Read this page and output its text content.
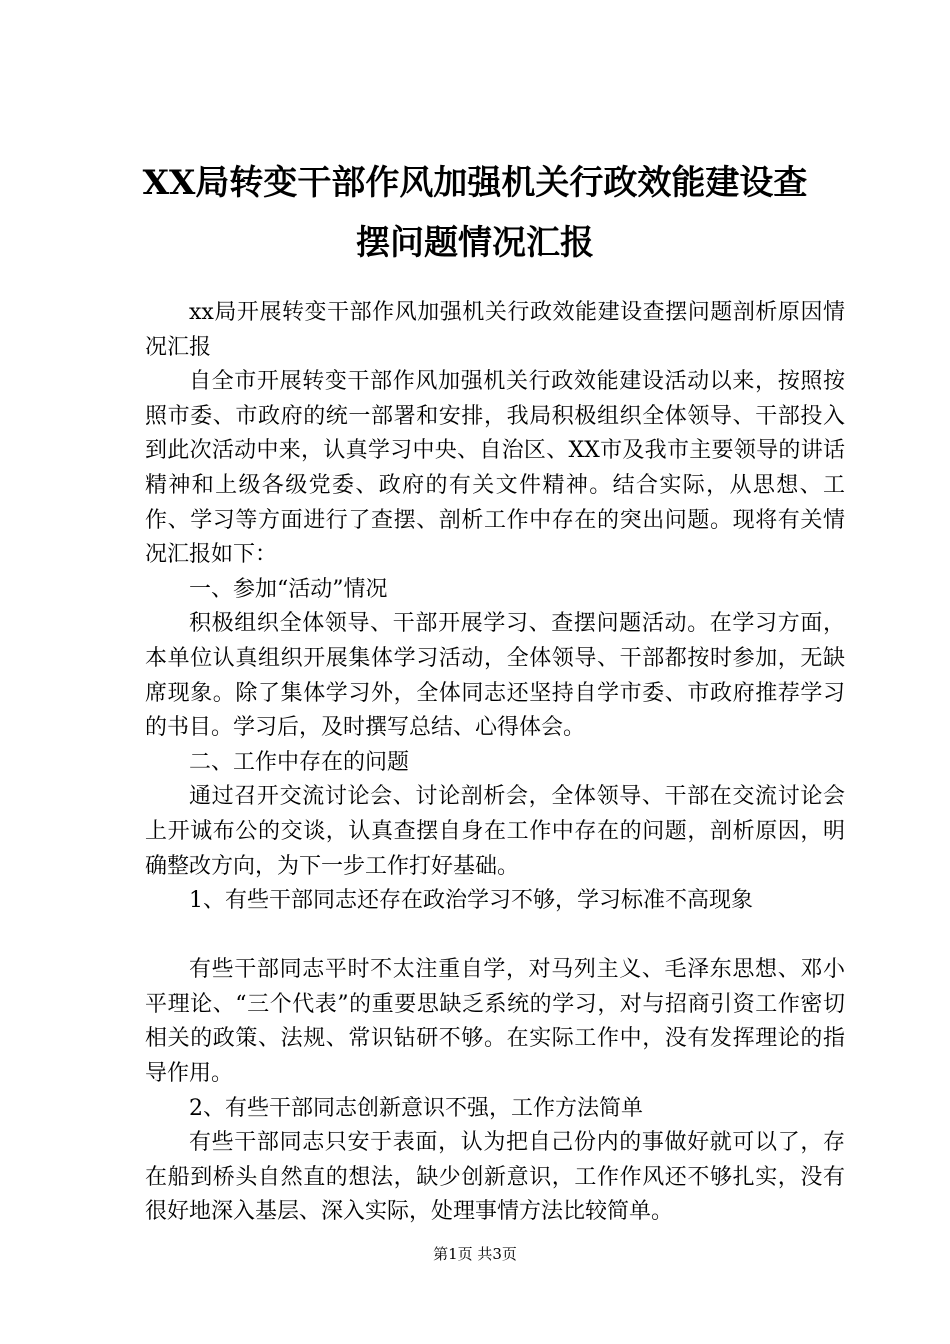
XX局转变干部作风加强机关行政效能建设查
摆问题情况汇报

xx局开展转变干部作风加强机关行政效能建设查摆问题剖析原因情况汇报

自全市开展转变干部作风加强机关行政效能建设活动以来，按照按照市委、市政府的统一部署和安排，我局积极组织全体领导、干部投入到此次活动中来，认真学习中央、自治区、XX市及我市主要领导的讲话精神和上级各级党委、政府的有关文件精神。结合实际，从思想、工作、学习等方面进行了查摆、剖析工作中存在的突出问题。现将有关情况汇报如下：

一、参加“活动”情况

积极组织全体领导、干部开展学习、查摆问题活动。在学习方面，本单位认真组织开展集体学习活动，全体领导、干部都按时参加，无缺席现象。除了集体学习外，全体同志还坚持自学市委、市政府推荐学习的书目。学习后，及时撰写总结、心得体会。

二、工作中存在的问题

通过召开交流讨论会、讨论剖析会，全体领导、干部在交流讨论会上开诚布公的交谈，认真查摆自身在工作中存在的问题，剖析原因，明确整改方向，为下一步工作打好基础。

1、有些干部同志还存在政治学习不够，学习标准不高现象

有些干部同志平时不太注重自学，对马列主义、毛泽东思想、邓小平理论、“三个代表”的重要思缺乏系统的学习，对与招商引资工作密切相关的政策、法规、常识钻研不够。在实际工作中，没有发挥理论的指导作用。

2、有些干部同志创新意识不强，工作方法简单

有些干部同志只安于表面，认为把自己份内的事做好就可以了，存在船到桥头自然直的想法，缺少创新意识，工作作风还不够扎实，没有很好地深入基层、深入实际，处理事情方法比较简单。

第1页 共3页
